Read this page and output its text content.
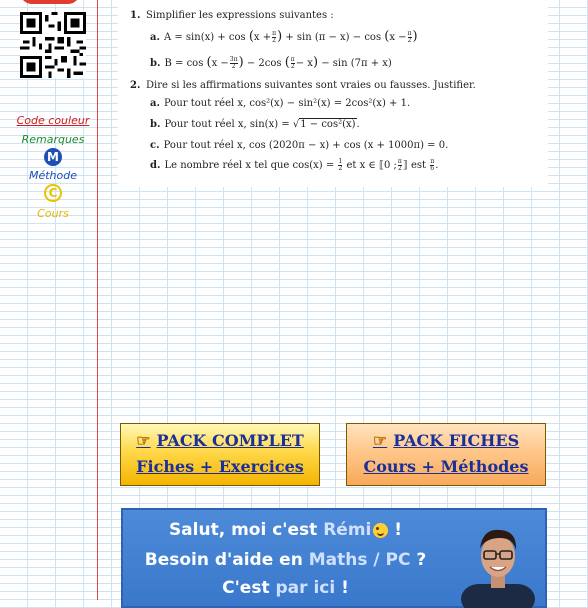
Code couleur
Remarques
M
Méthode
C
Cours
1. Simplifier les expressions suivantes :
a. $A = \sin(x) + \cos (x + \frac{\pi}{2}$ ) + $\sin (\pi - x) - \cos (x - \frac{\pi}{2}$ )
b. $B = \cos (x - \frac{3\pi}{2}$ ) − 2cos ( $\frac{\pi}{2} - x) - \sin (7\pi + x)$
2. Dire si les affirmations suivantes sont vraies ou fausses. Justifier.
a. Pour tout réel x, cos²(x) − sin²(x) = 2cos²(x) + 1.
b. Pour tout réel x, sin(x) = √1 − cos²(x).
c. Pour tout réel x, cos (2020π − x) + cos (x + 1000π) = 0.
d. Le nombre réel x tel que $\cos(x) = \frac{1}{2}$ et x ∈ ⟦0 ; $\frac{\pi}{2}$ ⟧ est $\frac{\pi}{6}$ .
☞ PACK COMPLET
Fiches + Exercices
☞ PACK FICHES
Cours + Méthodes
Salut, moi c'est Rémi !
Besoin d'aide en Maths / PC ?
C'est par ici !
